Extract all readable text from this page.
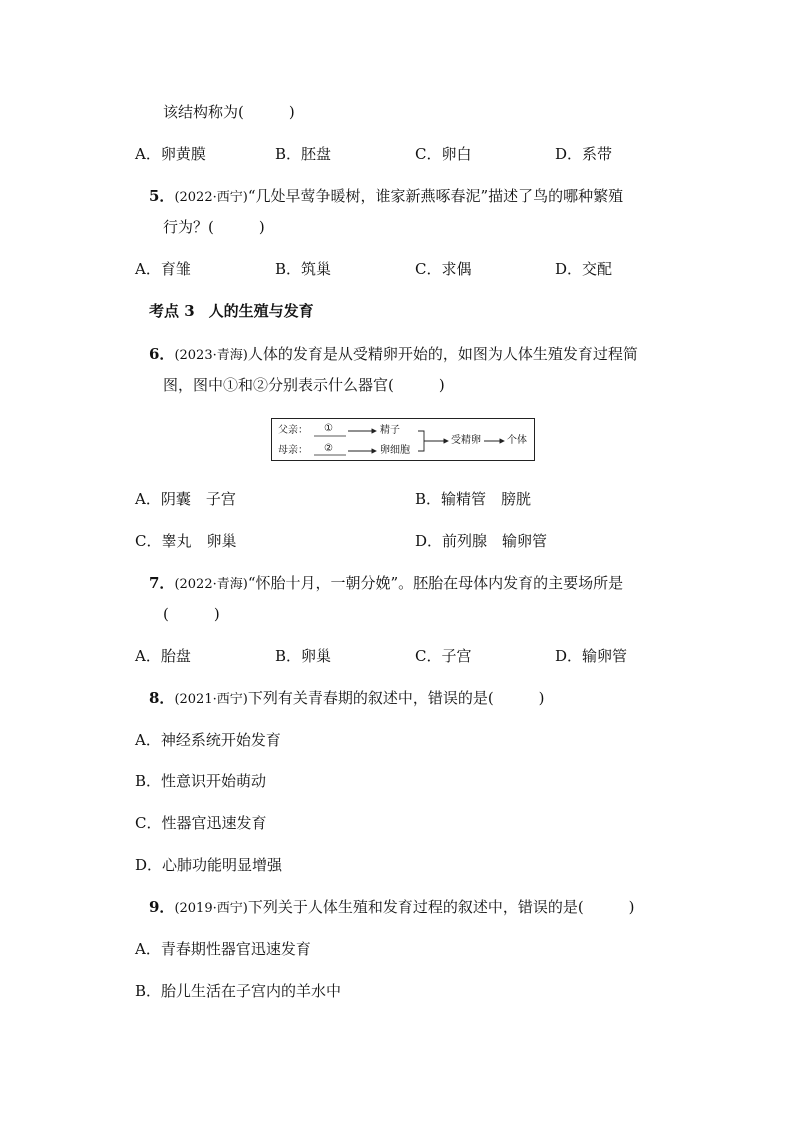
该结构称为(　　　)
A．卵黄膜	B．胚盘	C．卵白	D．系带
5．(2022·西宁)“几处早莺争暖树，谁家新燕啄春泥”描述了鸟的哪种繁殖
行为？(　　　)
A．育雏	B．筑巢	C．求偶	D．交配
考点 3 人的生殖与发育
6．(2023·青海)人体的发育是从受精卵开始的，如图为人体生殖发育过程简
图，图中①和②分别表示什么器官(　　　)
父亲：
母亲：
①
②
精子
卵细胞
受精卵	个体
A．阴囊　子宫	B．输精管　膀胱
C．睾丸　卵巢	D．前列腺　输卵管
7．(2022·青海)“怀胎十月，一朝分娩”。胚胎在母体内发育的主要场所是
(　　　)
A．胎盘	B．卵巢	C．子宫	D．输卵管
8．(2021·西宁)下列有关青春期的叙述中，错误的是(　　　)
A．神经系统开始发育
B．性意识开始萌动
C．性器官迅速发育
D．心肺功能明显增强
9．(2019·西宁)下列关于人体生殖和发育过程的叙述中，错误的是(　　　)
A．青春期性器官迅速发育
B．胎儿生活在子宫内的羊水中
